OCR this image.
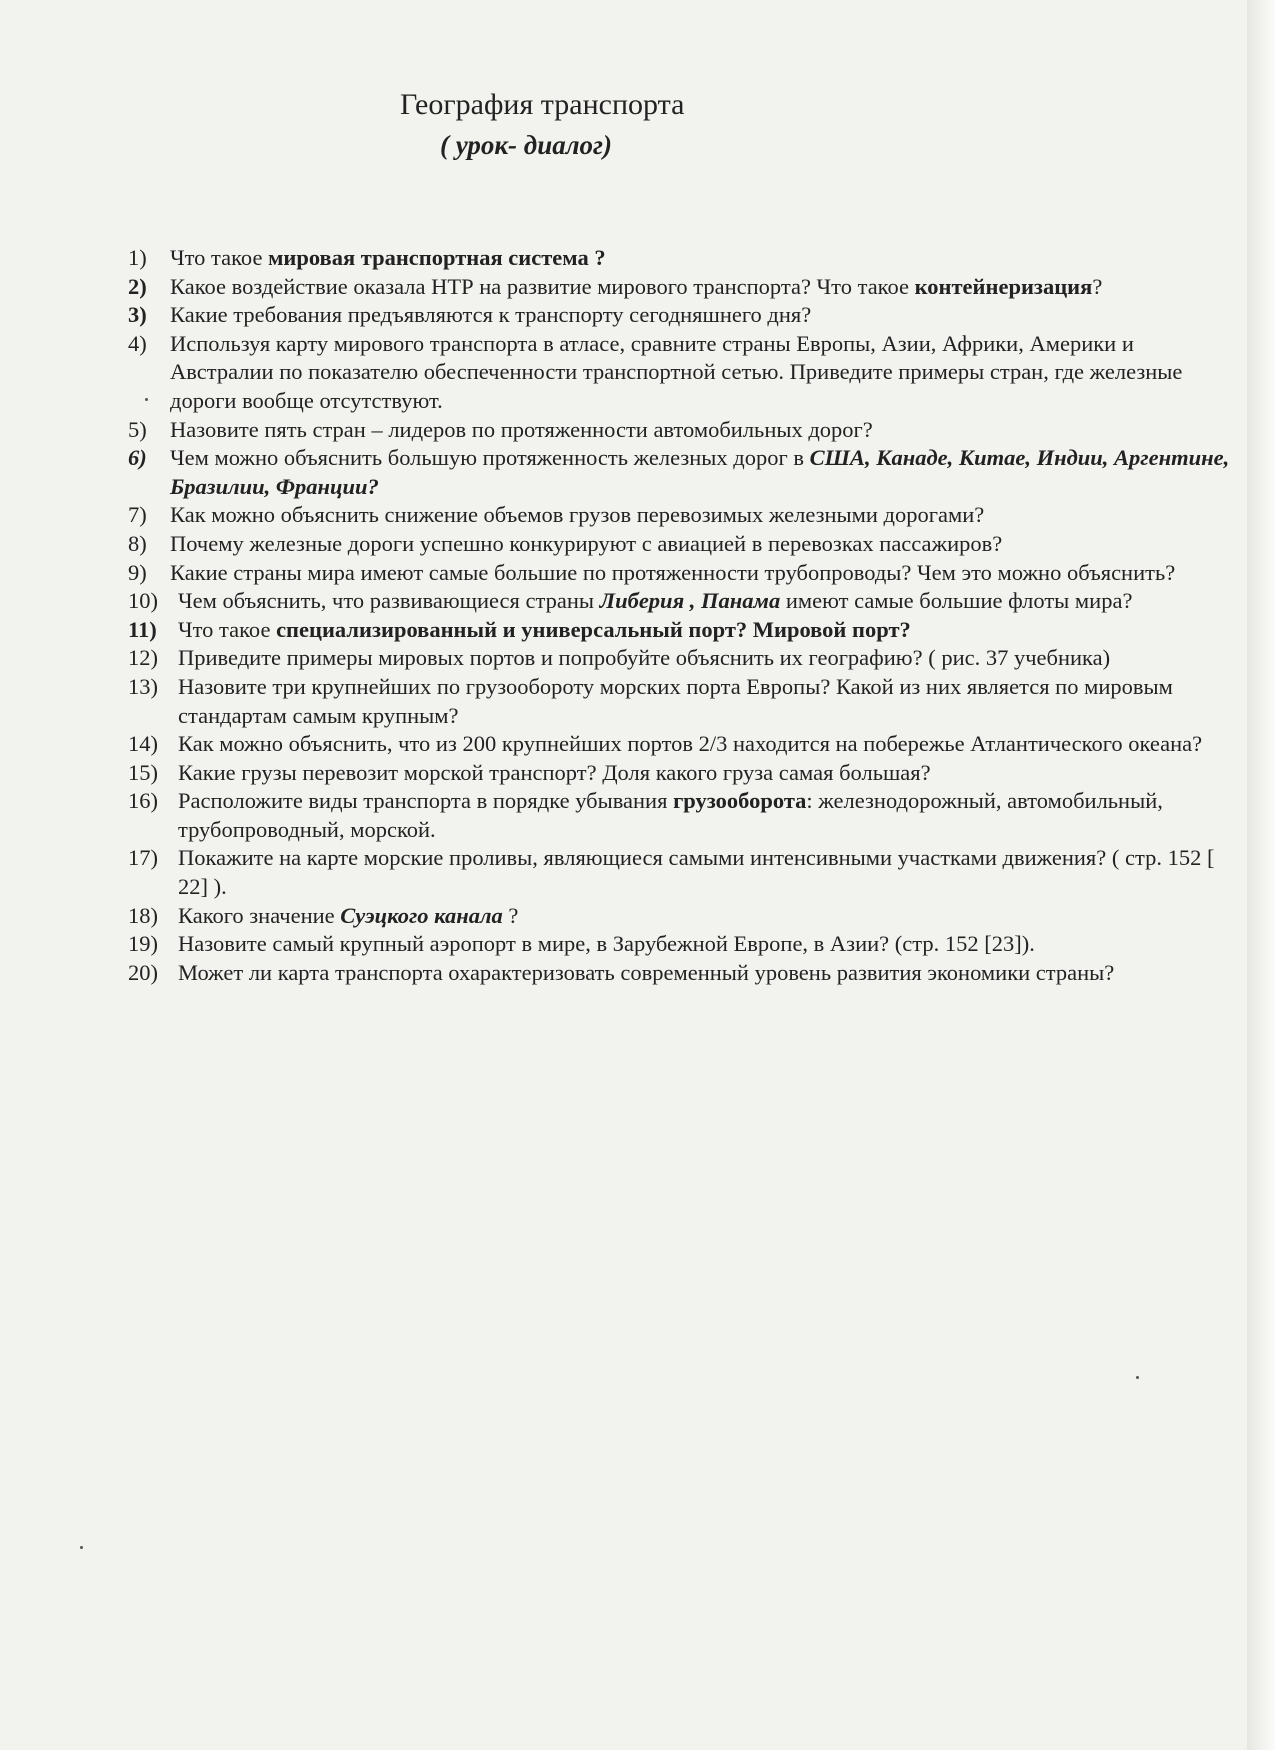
География транспорта
( урок- диалог)
1)	Что такое мировая транспортная система ?
2)	Какое воздействие оказала НТР на развитие мирового транспорта? Что такое контейнеризация?
3)	Какие требования предъявляются к транспорту сегодняшнего дня?
4)	Используя карту мирового транспорта в атласе, сравните страны Европы, Азии, Африки, Америки и Австралии по показателю обеспеченности транспортной сетью. Приведите примеры стран, где железные дороги вообще отсутствуют.
5)	Назовите пять стран – лидеров по протяженности автомобильных дорог?
6)	Чем можно объяснить большую протяженность железных дорог в США, Канаде, Китае, Индии, Аргентине, Бразилии, Франции?
7)	Как можно объяснить снижение объемов грузов перевозимых железными дорогами?
8)	Почему железные дороги успешно конкурируют с авиацией в перевозках пассажиров?
9)	Какие страны мира имеют самые большие по протяженности трубопроводы? Чем это можно объяснить?
10) Чем объяснить, что развивающиеся страны Либерия , Панама имеют самые большие флоты мира?
11) Что такое специализированный и универсальный порт? Мировой порт?
12) Приведите примеры мировых портов и попробуйте объяснить их географию? ( рис. 37 учебника)
13) Назовите три крупнейших по грузообороту морских порта Европы? Какой из них является по мировым стандартам самым крупным?
14) Как можно объяснить, что из 200 крупнейших портов 2/3 находится на побережье Атлантического океана?
15) Какие грузы перевозит морской транспорт? Доля какого груза самая большая?
16) Расположите виды транспорта в порядке убывания грузооборота: железнодорожный, автомобильный, трубопроводный, морской.
17) Покажите на карте морские проливы, являющиеся самыми интенсивными участками движения? ( стр. 152 [ 22] ).
18) Какого значение Суэцкого канала ?
19) Назовите самый крупный аэропорт в мире, в Зарубежной Европе, в Азии? (стр. 152 [23]).
20) Может ли карта транспорта охарактеризовать современный уровень развития экономики страны?
